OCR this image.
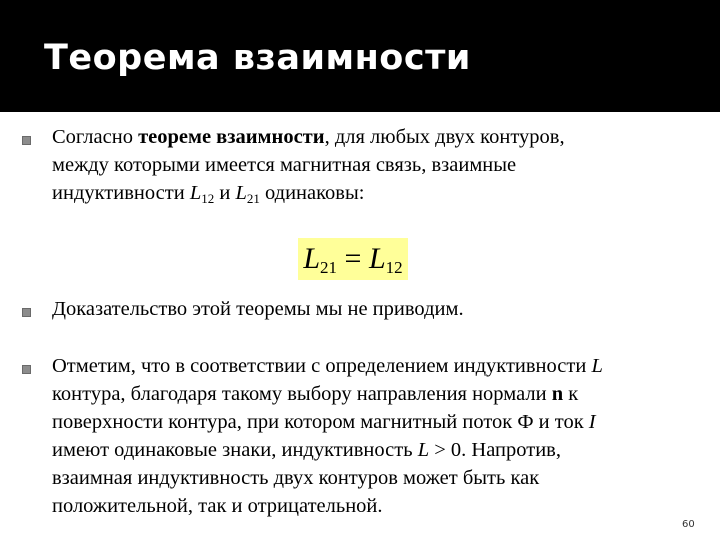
Теорема взаимности
Согласно теореме взаимности, для любых двух контуров,
между которыми имеется магнитная связь, взаимные
индуктивности $L_{12}$ и $L_{21}$ одинаковы:
$L_{21} = L_{12}$
Доказательство этой теоремы мы не приводим.
Отметим, что в соответствии с определением индуктивности L
контура, благодаря такому выбору направления нормали n к
поверхности контура, при котором магнитный поток Ф и ток I
имеют одинаковые знаки, индуктивность L > 0. Напротив,
взаимная индуктивность двух контуров может быть как
положительной, так и отрицательной.
60
